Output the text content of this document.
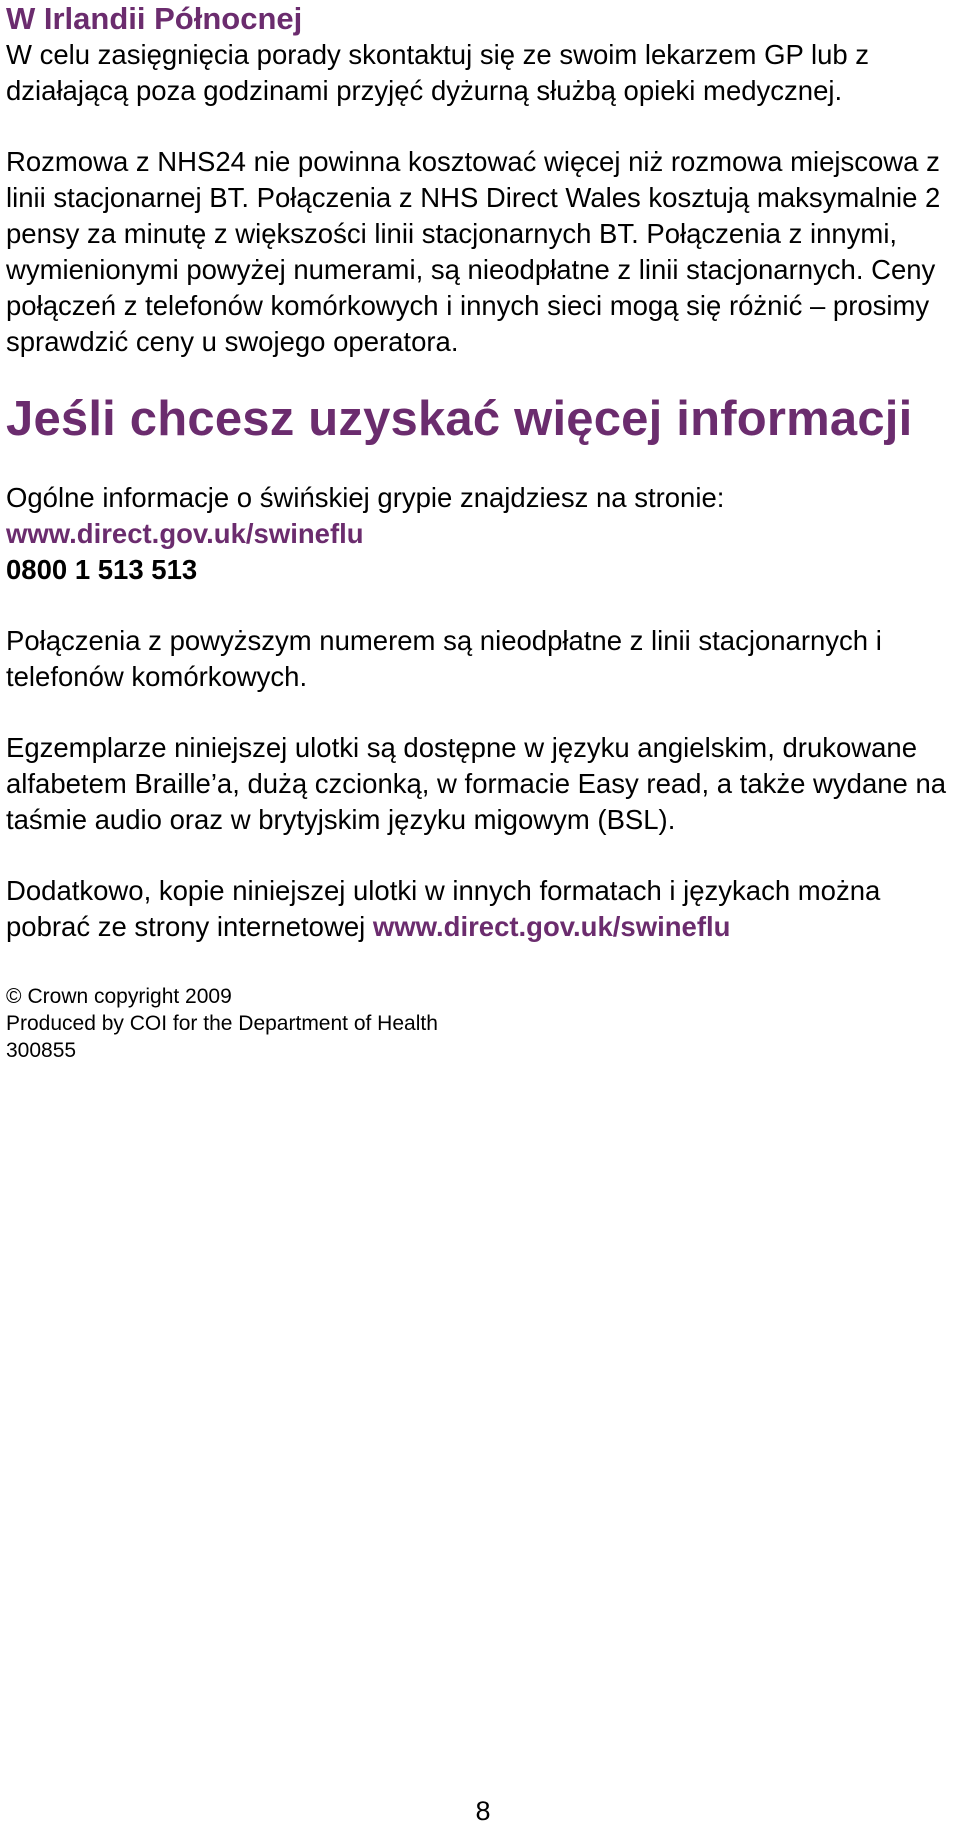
W Irlandii Północnej

W celu zasięgnięcia porady skontaktuj się ze swoim lekarzem GP lub z działającą poza godzinami przyjęć dyżurną służbą opieki medycznej.

Rozmowa z NHS24 nie powinna kosztować więcej niż rozmowa miejscowa z linii stacjonarnej BT. Połączenia z NHS Direct Wales kosztują maksymalnie 2 pensy za minutę z większości linii stacjonarnych BT. Połączenia z innymi, wymienionymi powyżej numerami, są nieodpłatne z linii stacjonarnych. Ceny połączeń z telefonów komórkowych i innych sieci mogą się różnić – prosimy sprawdzić ceny u swojego operatora.

Jeśli chcesz uzyskać więcej informacji

Ogólne informacje o świńskiej grypie znajdziesz na stronie:

www.direct.gov.uk/swineflu

0800 1 513 513

Połączenia z powyższym numerem są nieodpłatne z linii stacjonarnych i telefonów komórkowych.

Egzemplarze niniejszej ulotki są dostępne w języku angielskim, drukowane alfabetem Braille’a, dużą czcionką, w formacie Easy read, a także wydane na taśmie audio oraz w brytyjskim języku migowym (BSL).

Dodatkowo, kopie niniejszej ulotki w innych formatach i językach można pobrać ze strony internetowej www.direct.gov.uk/swineflu

© Crown copyright 2009

Produced by COI for the Department of Health

300855

8
